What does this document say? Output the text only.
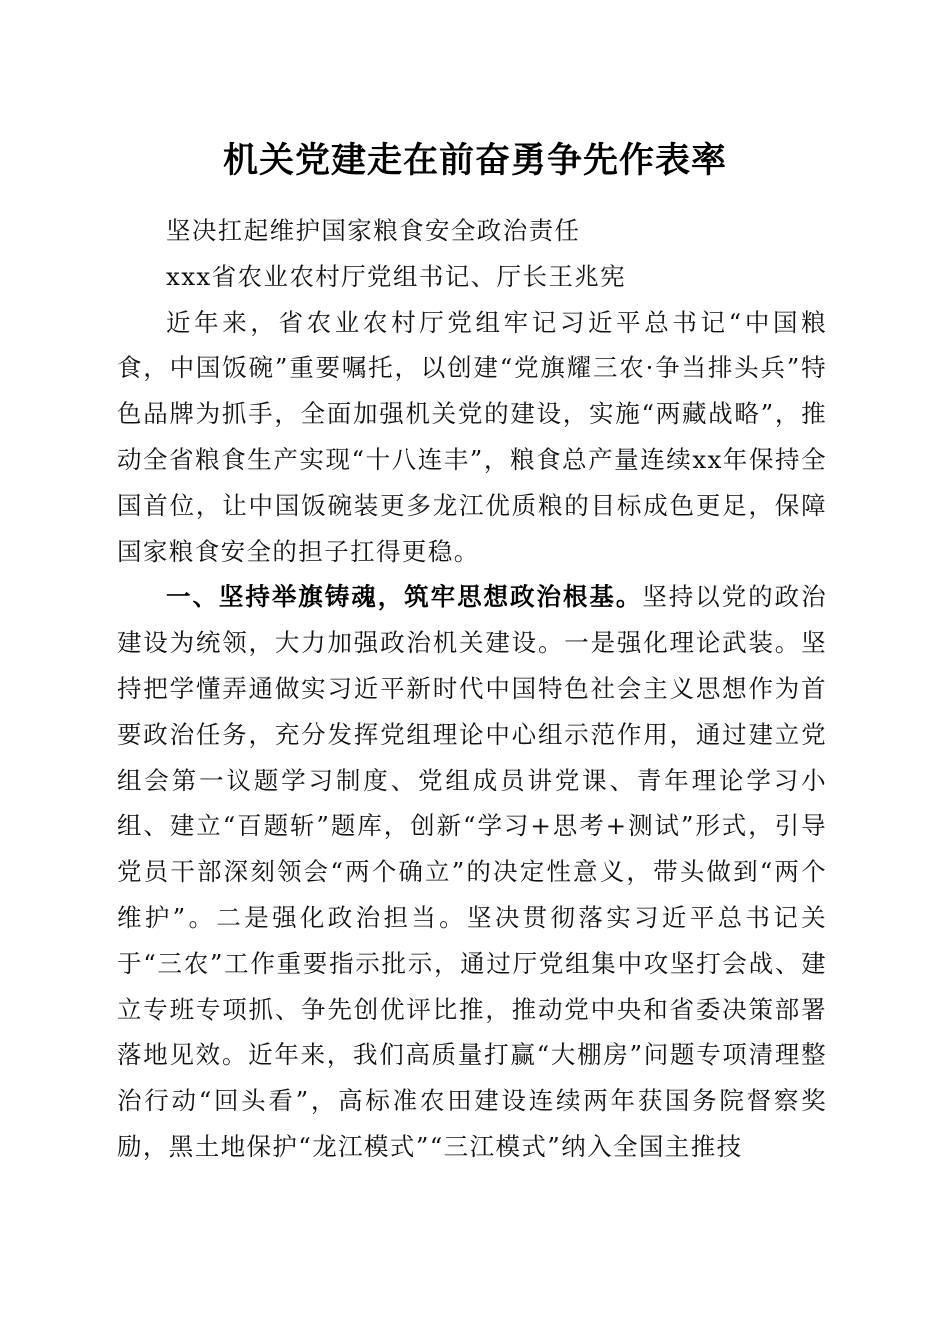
机关党建走在前奋勇争先作表率

坚决扛起维护国家粮食安全政治责任

xxx省农业农村厅党组书记、厅长王兆宪

近年来，省农业农村厅党组牢记习近平总书记“中国粮食，中国饭碗”重要嘱托，以创建“党旗耀三农·争当排头兵”特色品牌为抓手，全面加强机关党的建设，实施“两藏战略”，推动全省粮食生产实现“十八连丰”，粮食总产量连续xx年保持全国首位，让中国饭碗装更多龙江优质粮的目标成色更足，保障国家粮食安全的担子扛得更稳。

一、坚持举旗铸魂，筑牢思想政治根基。坚持以党的政治建设为统领，大力加强政治机关建设。一是强化理论武装。坚持把学懂弄通做实习近平新时代中国特色社会主义思想作为首要政治任务，充分发挥党组理论中心组示范作用，通过建立党组会第一议题学习制度、党组成员讲党课、青年理论学习小组、建立“百题斩”题库，创新“学习+思考+测试”形式，引导党员干部深刻领会“两个确立”的决定性意义，带头做到“两个维护”。二是强化政治担当。坚决贯彻落实习近平总书记关于“三农”工作重要指示批示，通过厅党组集中攻坚打会战、建立专班专项抓、争先创优评比推，推动党中央和省委决策部署落地见效。近年来，我们高质量打赢“大棚房”问题专项清理整治行动“回头看”，高标准农田建设连续两年获国务院督察奖励，黑土地保护“龙江模式”“三江模式”纳入全国主推技
